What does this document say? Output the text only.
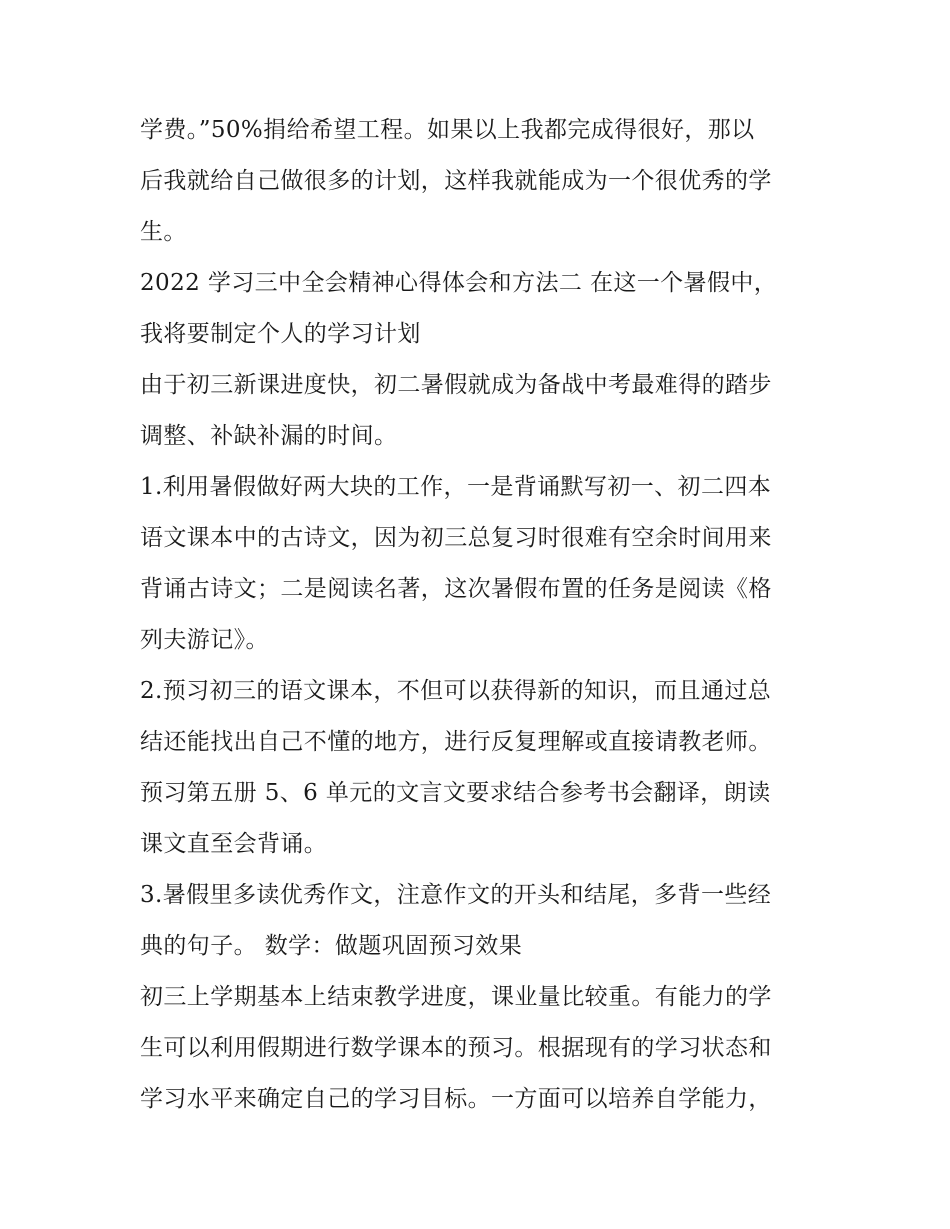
学费。”50%捐给希望工程。如果以上我都完成得很好，那以
后我就给自己做很多的计划，这样我就能成为一个很优秀的学
生。
2022 学习三中全会精神心得体会和方法二 在这一个暑假中，
我将要制定个人的学习计划
由于初三新课进度快，初二暑假就成为备战中考最难得的踏步
调整、补缺补漏的时间。
1.利用暑假做好两大块的工作，一是背诵默写初一、初二四本
语文课本中的古诗文，因为初三总复习时很难有空余时间用来
背诵古诗文；二是阅读名著，这次暑假布置的任务是阅读《格
列夫游记》。
2.预习初三的语文课本，不但可以获得新的知识，而且通过总
结还能找出自己不懂的地方，进行反复理解或直接请教老师。
预习第五册 5、6 单元的文言文要求结合参考书会翻译，朗读
课文直至会背诵。
3.暑假里多读优秀作文，注意作文的开头和结尾，多背一些经
典的句子。 数学：做题巩固预习效果
初三上学期基本上结束教学进度，课业量比较重。有能力的学
生可以利用假期进行数学课本的预习。根据现有的学习状态和
学习水平来确定自己的学习目标。一方面可以培养自学能力，
